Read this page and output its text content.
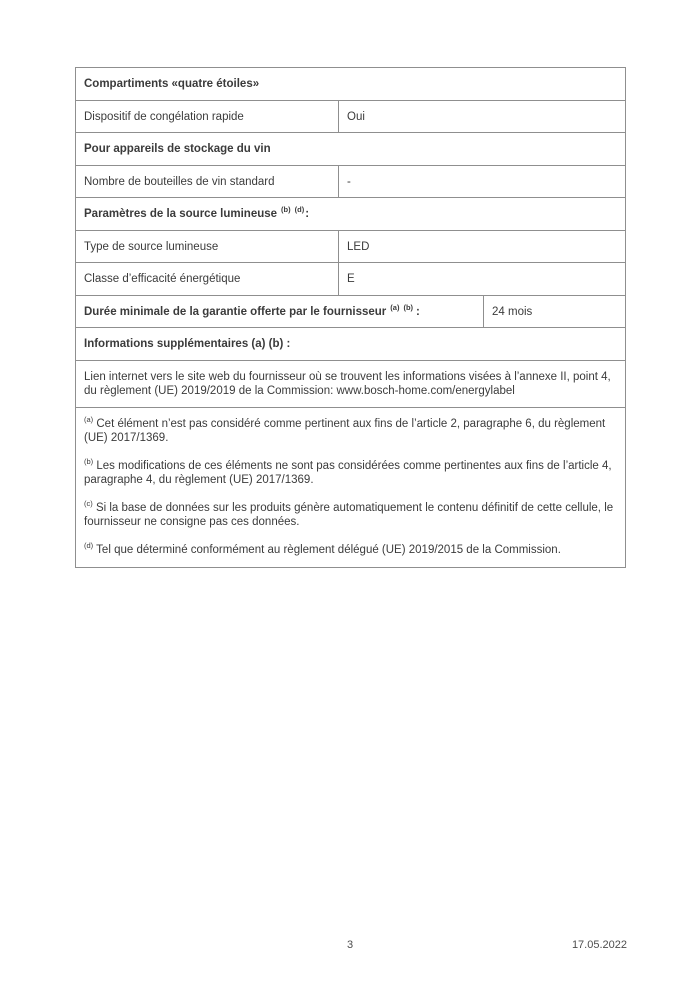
Compartiments «quatre étoiles»
Dispositif de congélation rapide	Oui
Pour appareils de stockage du vin
Nombre de bouteilles de vin standard	-
Paramètres de la source lumineuse $^{(b)}$ $^{(d)}$:
Type de source lumineuse	LED
Classe d’efficacité énergétique	E
Durée minimale de la garantie offerte par le fournisseur $^{(a)}$ $^{(b)}$ :	24 mois
Informations supplémentaires (a) (b) :
Lien internet vers le site web du fournisseur où se trouvent les informations visées à l’annexe II, point 4, du règlement (UE) 2019/2019 de la Commission: www.bosch-home.com/energylabel

$^{(a)}$ Cet élément n’est pas considéré comme pertinent aux fins de l’article 2, paragraphe 6, du règlement (UE) 2017/1369.

$^{(b)}$ Les modifications de ces éléments ne sont pas considérées comme pertinentes aux fins de l’article 4, paragraphe 4, du règlement (UE) 2017/1369.

$^{(c)}$ Si la base de données sur les produits génère automatiquement le contenu définitif de cette cellule, le fournisseur ne consigne pas ces données.

$^{(d)}$ Tel que déterminé conformément au règlement délégué (UE) 2019/2015 de la Commission.

3	17.05.2022
